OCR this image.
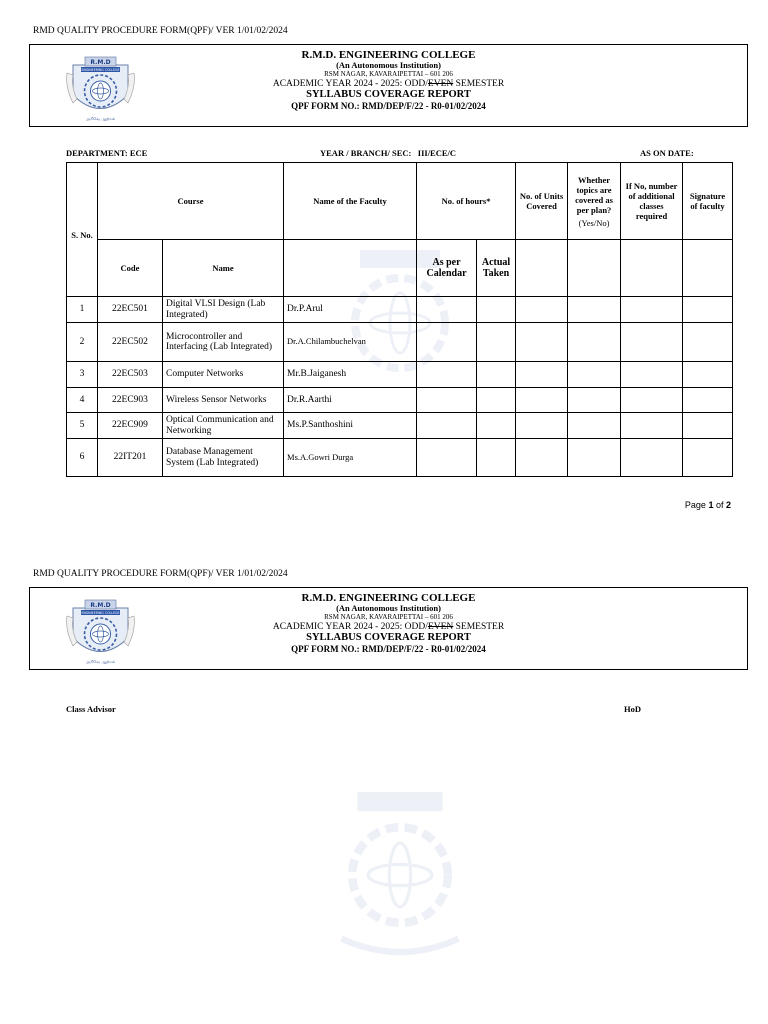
RMD QUALITY PROCEDURE FORM(QPF)/ VER 1/01/02/2024
R.M.D
ENGINEERING COLLEGE
அறிவே ஆற்றல்
R.M.D. ENGINEERING COLLEGE
(An Autonomous Institution)
RSM NAGAR, KAVARAIPETTAI – 601 206
ACADEMIC YEAR 2024 - 2025: ODD/EVEN SEMESTER
SYLLABUS COVERAGE REPORT
QPF FORM NO.: RMD/DEP/F/22 - R0-01/02/2024
DEPARTMENT: ECE	YEAR / BRANCH/ SEC: III/ECE/C	AS ON DATE:
S. No.	Course		Name of the Faculty	No. of hours*		No. of Units Covered	Whether topics are covered as per plan?
(Yes/No)	If No, number of additional classes required	Signature of faculty
	Code	Name		As per Calendar	Actual Taken				
1	22EC501	Digital VLSI Design (Lab Integrated)	Dr.P.Arul						
2	22EC502	Microcontroller and Interfacing (Lab Integrated)	Dr.A.Chilambuchelvan						
3	22EC503	Computer Networks	Mr.B.Jaiganesh						
4	22EC903	Wireless Sensor Networks	Dr.R.Aarthi						
5	22EC909	Optical Communication and Networking	Ms.P.Santhoshini						
6	22IT201	Database Management System (Lab Integrated)	Ms.A.Gowri Durga						
Page 1 of 2
RMD QUALITY PROCEDURE FORM(QPF)/ VER 1/01/02/2024
R.M.D
ENGINEERING COLLEGE
அறிவே ஆற்றல்
R.M.D. ENGINEERING COLLEGE
(An Autonomous Institution)
RSM NAGAR, KAVARAIPETTAI – 601 206
ACADEMIC YEAR 2024 - 2025: ODD/EVEN SEMESTER
SYLLABUS COVERAGE REPORT
QPF FORM NO.: RMD/DEP/F/22 - R0-01/02/2024
Class Advisor	HoD
